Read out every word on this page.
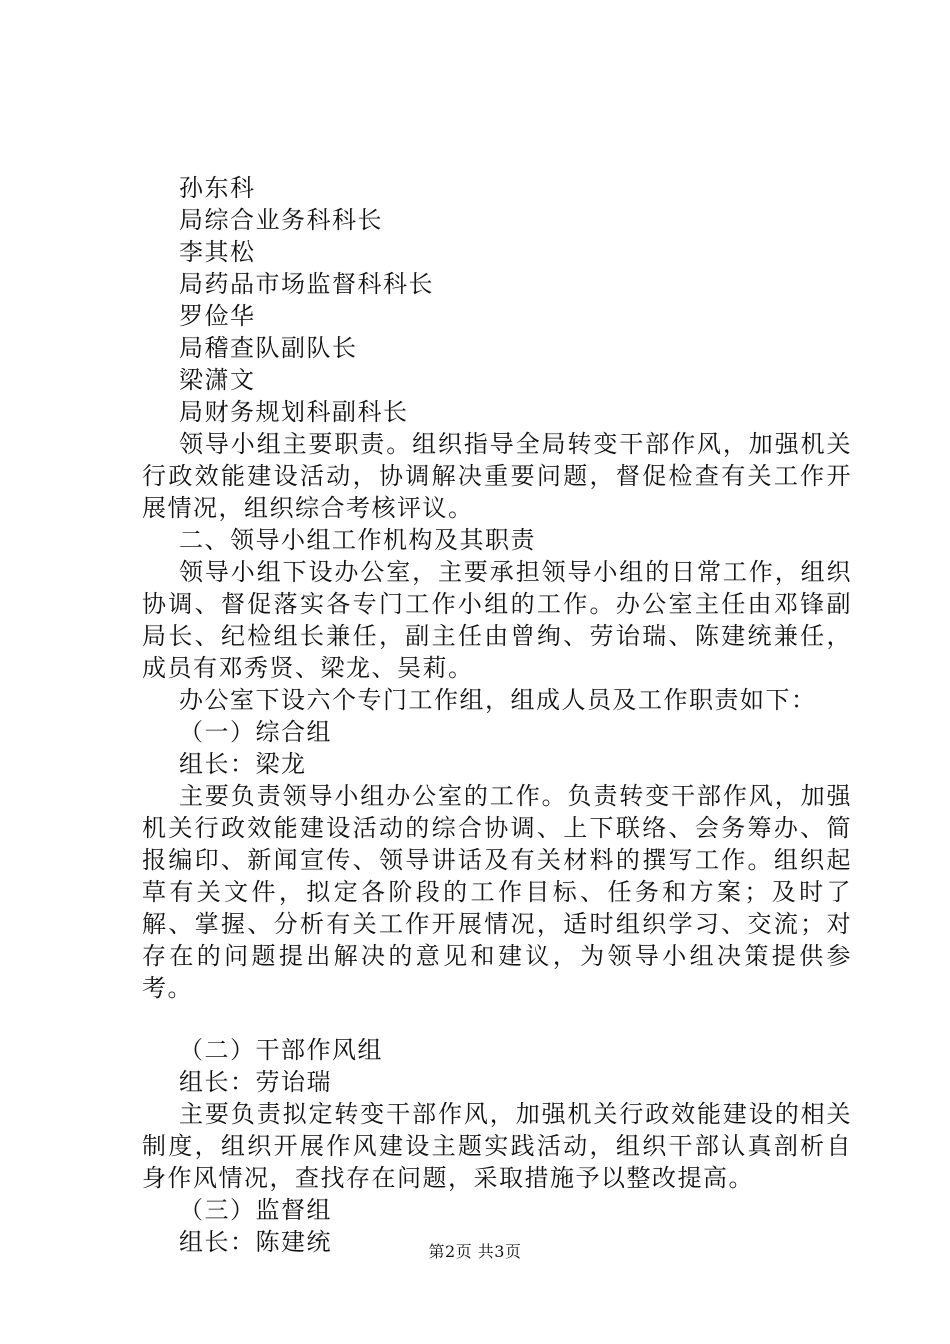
孙东科

局综合业务科科长

李其松

局药品市场监督科科长

罗俭华

局稽查队副队长

梁潇文

局财务规划科副科长

领导小组主要职责。组织指导全局转变干部作风，加强机关行政效能建设活动，协调解决重要问题，督促检查有关工作开展情况，组织综合考核评议。

二、领导小组工作机构及其职责

领导小组下设办公室，主要承担领导小组的日常工作，组织协调、督促落实各专门工作小组的工作。办公室主任由邓锋副局长、纪检组长兼任，副主任由曾绚、劳诒瑞、陈建统兼任，成员有邓秀贤、梁龙、吴莉。

办公室下设六个专门工作组，组成人员及工作职责如下：

（一）综合组

组长：梁龙

主要负责领导小组办公室的工作。负责转变干部作风，加强机关行政效能建设活动的综合协调、上下联络、会务筹办、简报编印、新闻宣传、领导讲话及有关材料的撰写工作。组织起草有关文件，拟定各阶段的工作目标、任务和方案；及时了解、掌握、分析有关工作开展情况，适时组织学习、交流；对存在的问题提出解决的意见和建议，为领导小组决策提供参考。

（二）干部作风组

组长：劳诒瑞

主要负责拟定转变干部作风，加强机关行政效能建设的相关制度，组织开展作风建设主题实践活动，组织干部认真剖析自身作风情况，查找存在问题，采取措施予以整改提高。

（三）监督组

组长：陈建统	第2页 共3页
